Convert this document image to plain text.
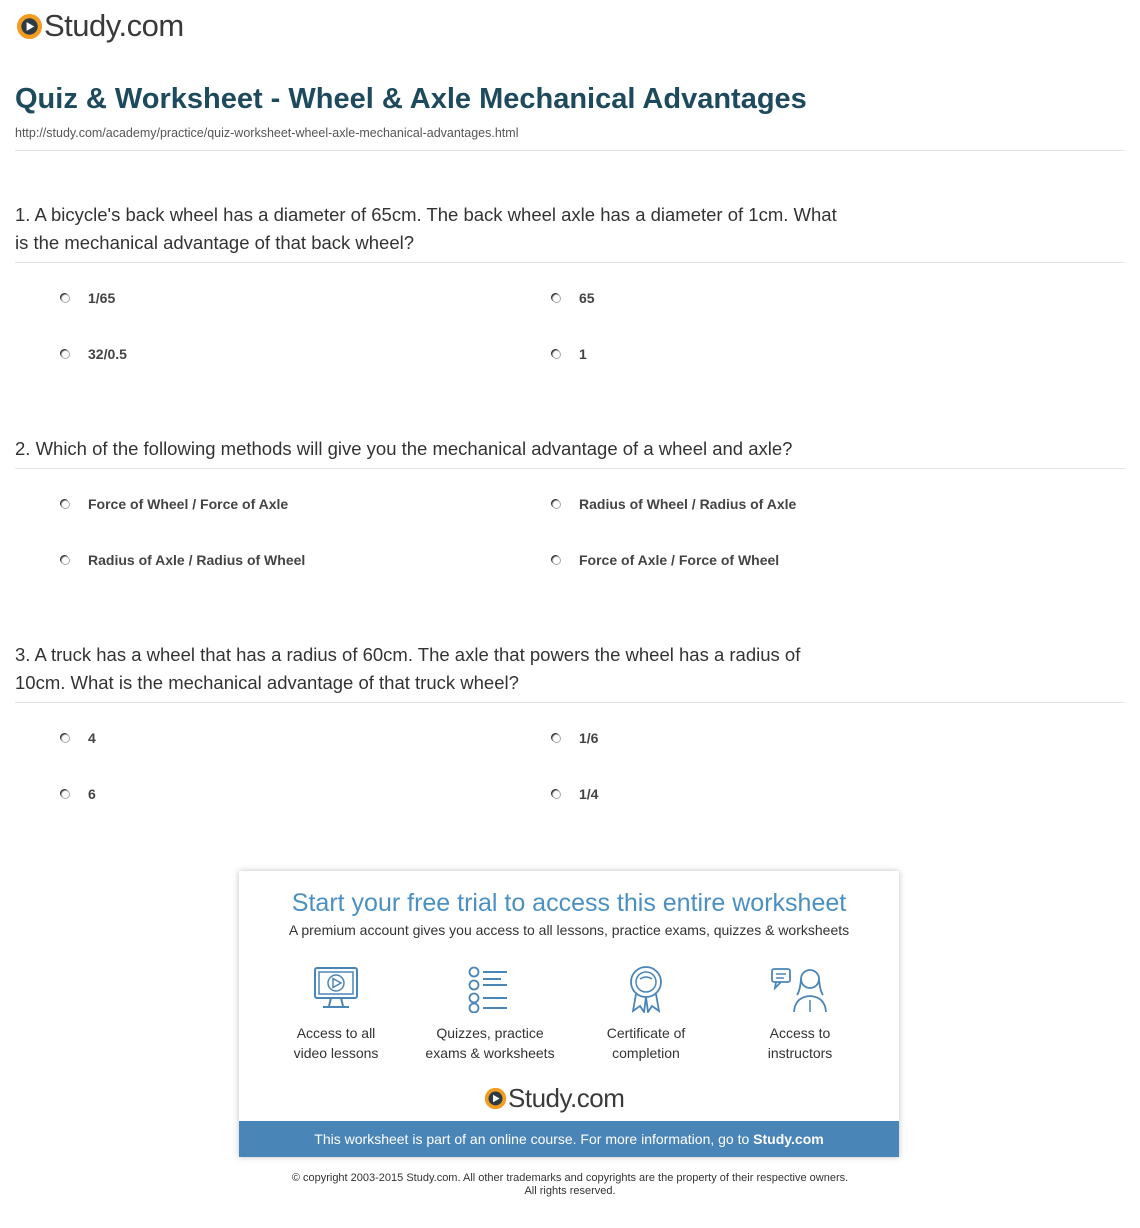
Study.com
Quiz & Worksheet - Wheel & Axle Mechanical Advantages
http://study.com/academy/practice/quiz-worksheet-wheel-axle-mechanical-advantages.html
1. A bicycle's back wheel has a diameter of 65cm. The back wheel axle has a diameter of 1cm. What
is the mechanical advantage of that back wheel?
1/65	65
32/0.5	1
2. Which of the following methods will give you the mechanical advantage of a wheel and axle?
Force of Wheel / Force of Axle	Radius of Wheel / Radius of Axle
Radius of Axle / Radius of Wheel	Force of Axle / Force of Wheel
3. A truck has a wheel that has a radius of 60cm. The axle that powers the wheel has a radius of
10cm. What is the mechanical advantage of that truck wheel?
4	1/6
6	1/4
Start your free trial to access this entire worksheet
A premium account gives you access to all lessons, practice exams, quizzes & worksheets
Access to all
video lessons
Quizzes, practice
exams & worksheets
Certificate of
completion
Access to
instructors
Study.com
This worksheet is part of an online course. For more information, go to Study.com
© copyright 2003-2015 Study.com. All other trademarks and copyrights are the property of their respective owners.
All rights reserved.
